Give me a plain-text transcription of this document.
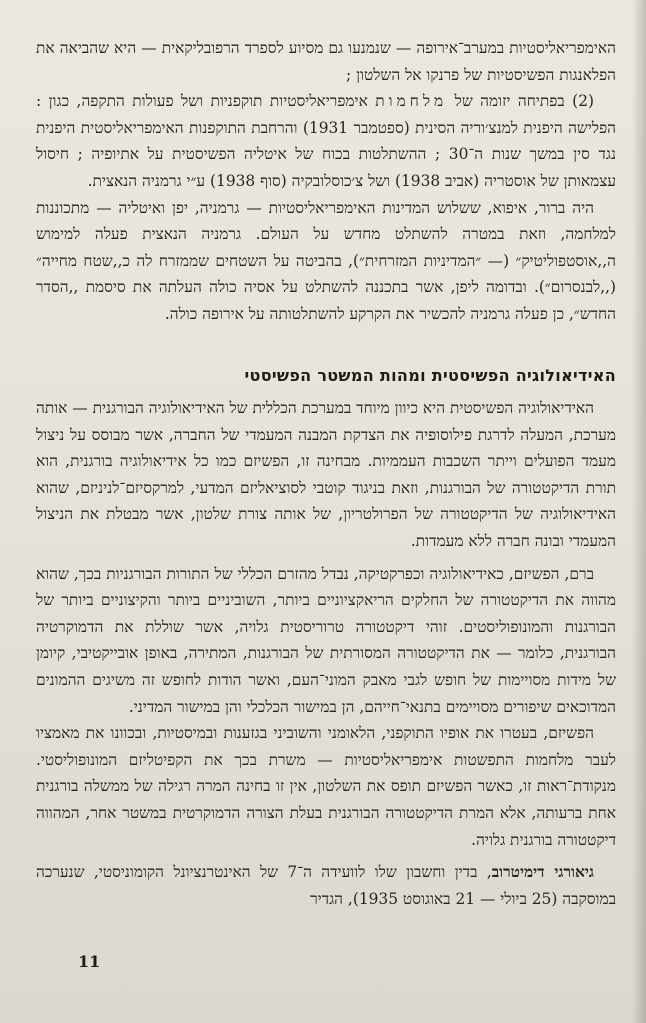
האימפריאליסטיות במערב־אירופה — שנמנעו גם מסיוע לספרד הרפובליקאית — היא שהביאה את הפלאנגות הפשיסטיות של פרנקו אל השלטון ;

(2) בפתיחה יזומה של מלחמות אימפריאליסטיות תוקפניות ושל פעולות התקפה, כגון : הפלישה היפנית למנצ׳וריה הסינית (ספטמבר 1931) והרחבת התוקפנות האימפריאליסטית היפנית נגד סין במשך שנות ה־30 ; ההשתלטות בכוח של איטליה הפשיסטית על אתיופיה ; חיסול עצמאותן של אוסטריה (אביב 1938) ושל צ׳כוסלובקיה (סוף 1938) ע״י גרמניה הנאצית.

היה ברור, איפוא, ששלוש המדינות האימפריאליסטיות — גרמניה, יפן ואיטליה — מתכוננות למלחמה, וזאת במטרה להשתלט מחדש על העולם. גרמניה הנאצית פעלה למימוש ה,,אוסטפוליטיק״ (— ״המדיניות המזרחית״), בהביטה על השטחים שממזרח לה כ,,שטח מחייה״ (,,לבנסרום״). ובדומה ליפן, אשר בתכננה להשתלט על אסיה כולה העלתה את סיסמת ,,הסדר החדש״, כן פעלה גרמניה להכשיר את הקרקע להשתלטותה על אירופה כולה.

האידיאולוגיה הפשיסטית ומהות המשטר הפשיסטי

האידיאולוגיה הפשיסטית היא כיוון מיוחד במערכת הכללית של האידיאולוגיה הבורגנית — אותה מערכת, המעלה לדרגת פילוסופיה את הצדקת המבנה המעמדי של החברה, אשר מבוסס על ניצול מעמד הפועלים וייתר השכבות העממיות. מבחינה זו, הפשיזם כמו כל אידיאולוגיה בורגנית, הוא תורת הדיקטטורה של הבורגנות, וזאת בניגוד קוטבי לסוציאליזם המדעי, למרקסיזם־לניניזם, שהוא האידיאולוגיה של הדיקטטורה של הפרולטריון, של אותה צורת שלטון, אשר מבטלת את הניצול המעמדי ובונה חברה ללא מעמדות.

ברם, הפשיזם, כאידיאולוגיה וכפרקטיקה, נבדל מהזרם הכללי של התורות הבורגניות בכך, שהוא מהווה את הדיקטטורה של החלקים הריאקציוניים ביותר, השוביניים ביותר והקיצוניים ביותר של הבורגנות והמונופוליסטים. זוהי דיקטטורה טרוריסטית גלויה, אשר שוללת את הדמוקרטיה הבורגנית, כלומר — את הדיקטטורה המסורתית של הבורגנות, המתירה, באופן אובייקטיבי, קיומן של מידות מסויימות של חופש לגבי מאבק המוני־העם, ואשר הודות לחופש זה משיגים ההמונים המדוכאים שיפורים מסויימים בתנאי־חייהם, הן במישור הכלכלי והן במישור המדיני.

הפשיזם, בעטרו את אופיו התוקפני, הלאומני והשוביני בגזענות ובמיסטיות, ובכוונו את מאמציו לעבר מלחמות התפשטות אימפריאליסטיות — משרת בכך את הקפיטליזם המונופוליסטי. מנקודת־ראות זו, כאשר הפשיזם תופס את השלטון, אין זו בחינה המרה רגילה של ממשלה בורגנית אחת ברעותה, אלא המרת הדיקטטורה הבורגנית בעלת הצורה הדמוקרטית במשטר אחר, המהווה דיקטטורה בורגנית גלויה.

גיאורגי דימיטרוב, בדין וחשבון שלו לוועידה ה־7 של האינטרנציונל הקומוניסטי, שנערכה במוסקבה (25 ביולי — 21 באוגוסט 1935), הגדיר

11
